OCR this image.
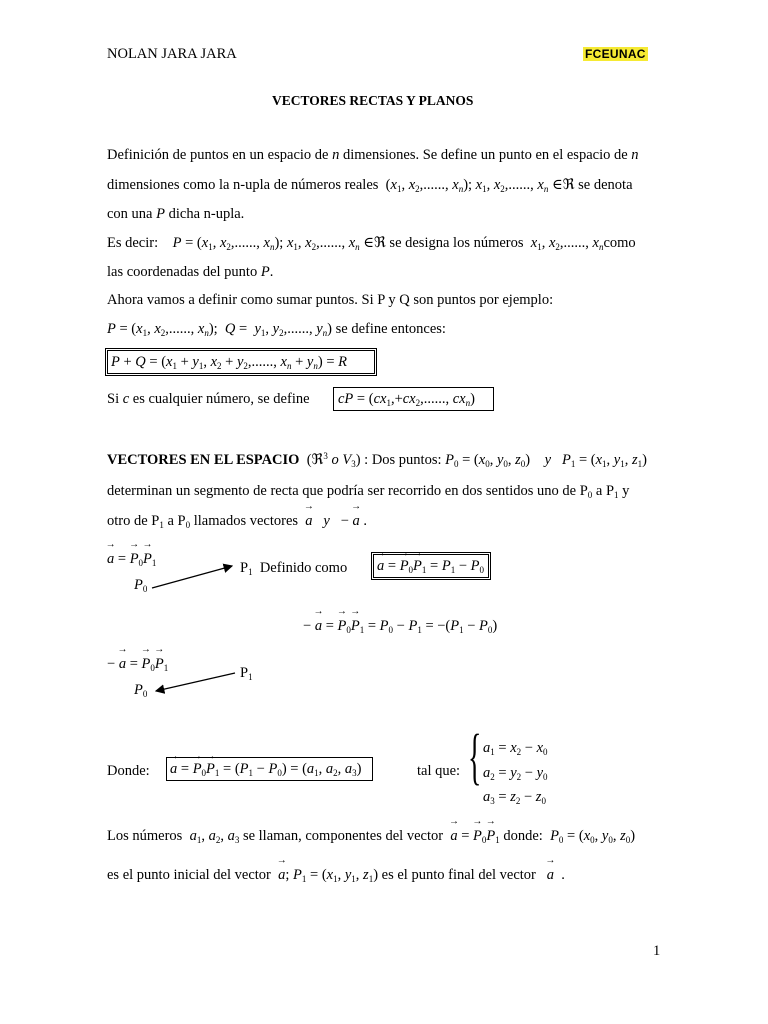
NOLAN JARA JARA	FCEUNAC
VECTORES RECTAS Y PLANOS
Definición de puntos en un espacio de n dimensiones. Se define un punto en el espacio de n
dimensiones como la n-upla de números reales  ($x_1$, $x_2$,......, $x_n$); $x_1$, $x_2$,......, $x_n$ ∈ℜ se denota
con una P dicha n-upla.
Es decir: $P = (x_1$, $x_2$,......, $x_n$); $x_1$, $x_2$,......, $x_n$ ∈ℜ se designa los números $x_1$, $x_2$,......, $x_ncomo$
las coordenadas del punto P.
Ahora vamos a definir como sumar puntos. Si P y Q son puntos por ejemplo:
$P = (x_1$, $x_2$,......, $x_n$);  $Q = y_1$, $y_2$,......, $y_n$) se define entonces:
$P + Q = (x_1 + y_1$, $x_2 + y_2$,......, $x_n + y_n) = R$
Si c es cualquier número, se define	cP = ($cx_1,+cx_2$,......, $cx_n$)
VECTORES EN EL ESPACIO  (ℜ$^3$ o $V_3$) : Dos puntos: $P_0 = (x_0$, $y_0$, $z_0$)    y $P_1 = (x_1$, $y_1$, $z_1$)
determinan un segmento de recta que podría ser recorrido en dos sentidos uno de $P_0$ a $P_1$ y
otro de $P_1$ a $P_0$ llamados vectores → a y   − → a .
→ a = → $P_0\to P_1$
$P_0$
$P_1$ Definido como	→ a = → $P_0\to P_1 = P_1 - P_0$
− → a = → $P_0\to P_1 = P_0 - P_1 = -(P_1 - P_0)$
− → a = → $P_0\to P_1$
$P_0$
$P_1$
Donde: → a = → $P_0\to P_1 = (P_1 - P_0) = (a_1$, $a_2$, $a_3$)	tal que: { $a_1 = x_2 - x_0$
$a_2 = y_2 - y_0$
$a_3 = z_2 - z_0$
Los números $a_1$, $a_2$, $a_3$ se llaman, componentes del vector → a = → $P_0\to P_1$ donde: $P_0 = (x_0$, $y_0$, $z_0$)
es el punto inicial del vector → a; $P_1 = (x_1$, $y_1$, $z_1$) es el punto final del vector → a .
1
